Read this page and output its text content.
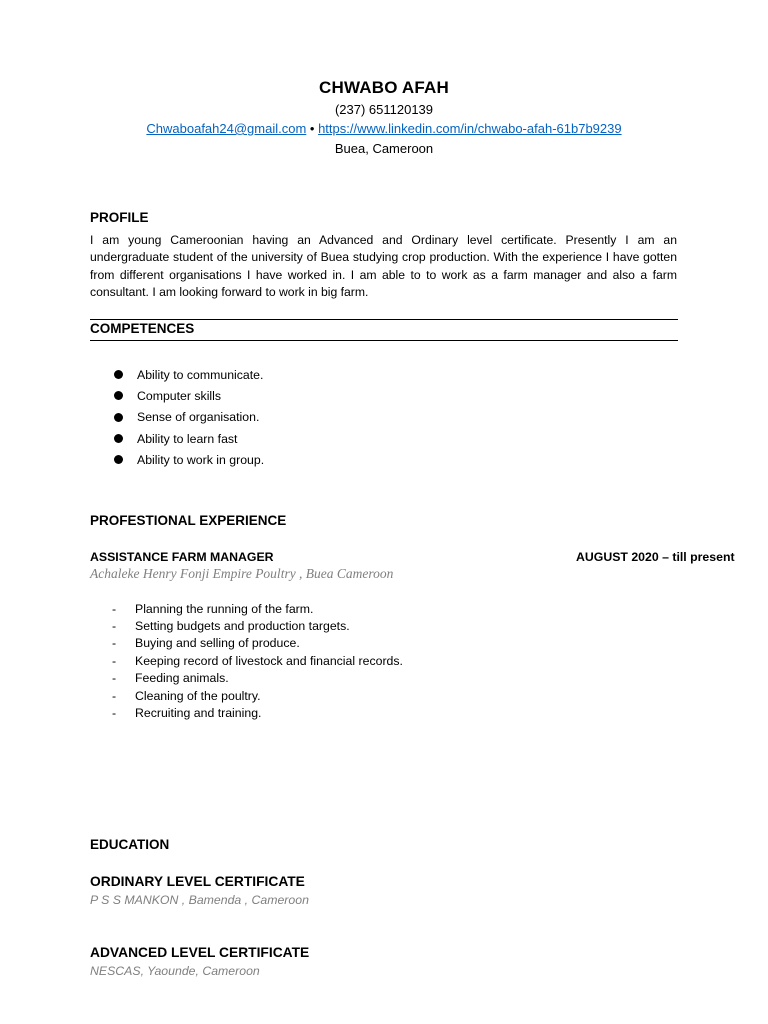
CHWABO AFAH
(237) 651120139
Chwaboafah24@gmail.com • https://www.linkedin.com/in/chwabo-afah-61b7b9239
Buea, Cameroon
PROFILE
I am young Cameroonian having an Advanced and Ordinary level certificate. Presently I am an undergraduate student of the university of Buea studying crop production. With the experience I have gotten from different organisations I have worked in. I am able to to work as a farm manager and also a farm consultant. I am looking forward to work in big farm.
COMPETENCES
Ability to communicate.
Computer skills
Sense of organisation.
Ability to learn fast
Ability to work in group.
PROFESTIONAL EXPERIENCE
ASSISTANCE FARM MANAGER	AUGUST 2020 – till present
Achaleke Henry Fonji Empire Poultry , Buea Cameroon
-	Planning the running of the farm.
-	Setting budgets and production targets.
-	Buying and selling of produce.
-	Keeping record of livestock and financial records.
-	Feeding animals.
-	Cleaning of the poultry.
-	Recruiting and training.
EDUCATION
ORDINARY LEVEL CERTIFICATE
P S S MANKON , Bamenda , Cameroon
ADVANCED LEVEL CERTIFICATE
NESCAS, Yaounde, Cameroon
